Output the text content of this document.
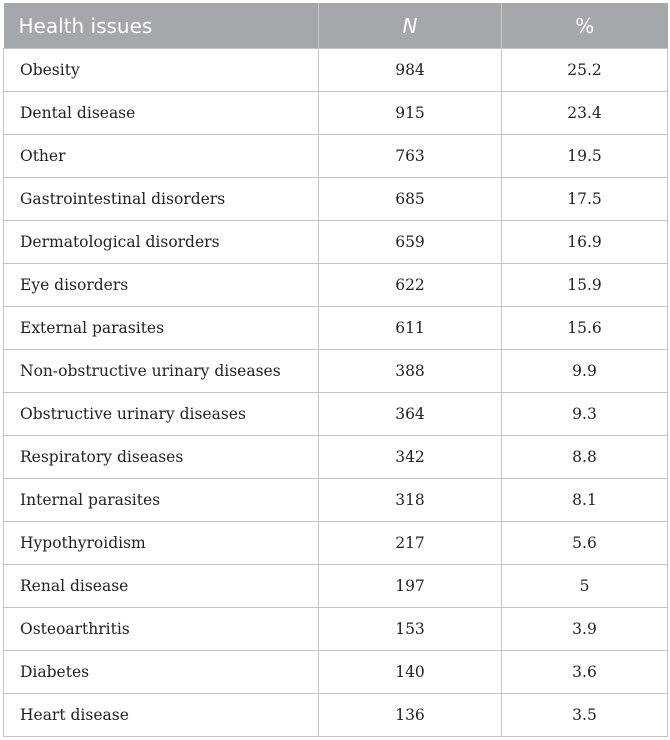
Health issues	N	%
Obesity	984	25.2
Dental disease	915	23.4
Other	763	19.5
Gastrointestinal disorders	685	17.5
Dermatological disorders	659	16.9
Eye disorders	622	15.9
External parasites	611	15.6
Non-obstructive urinary diseases	388	9.9
Obstructive urinary diseases	364	9.3
Respiratory diseases	342	8.8
Internal parasites	318	8.1
Hypothyroidism	217	5.6
Renal disease	197	5
Osteoarthritis	153	3.9
Diabetes	140	3.6
Heart disease	136	3.5
